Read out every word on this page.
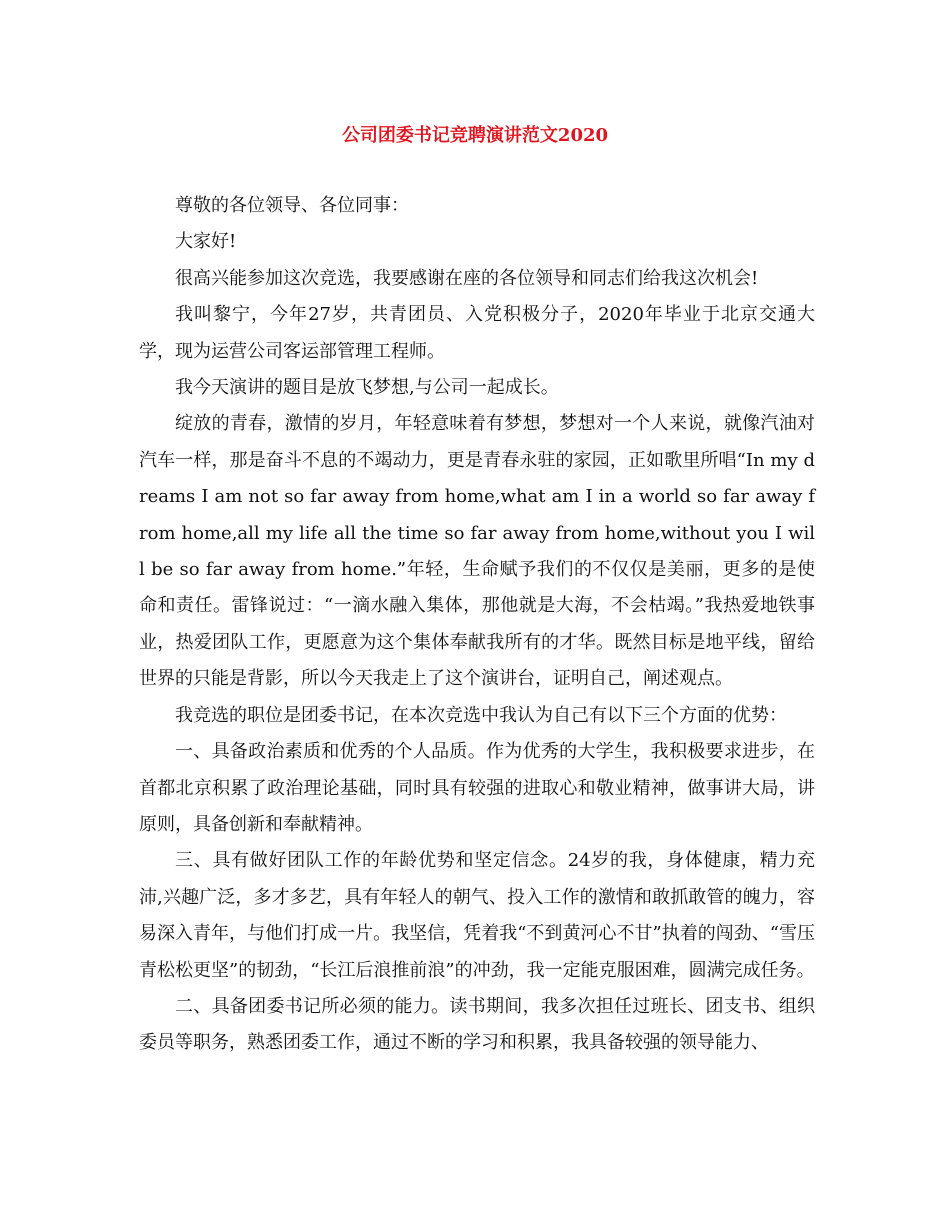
公司团委书记竞聘演讲范文2020

尊敬的各位领导、各位同事：

大家好!

很高兴能参加这次竞选，我要感谢在座的各位领导和同志们给我这次机会!

我叫黎宁，今年27岁，共青团员、入党积极分子，2020年毕业于北京交通大学，现为运营公司客运部管理工程师。

我今天演讲的题目是放飞梦想,与公司一起成长。

绽放的青春，激情的岁月，年轻意味着有梦想，梦想对一个人来说，就像汽油对汽车一样，那是奋斗不息的不竭动力，更是青春永驻的家园，正如歌里所唱“In my dreams I am not so far away from home,what am I in a world so far away from home,all my life all the time so far away from home,without you I will be so far away from home.”年轻，生命赋予我们的不仅仅是美丽，更多的是使命和责任。雷锋说过：“一滴水融入集体，那他就是大海，不会枯竭。”我热爱地铁事业，热爱团队工作，更愿意为这个集体奉献我所有的才华。既然目标是地平线，留给世界的只能是背影，所以今天我走上了这个演讲台，证明自己，阐述观点。

我竞选的职位是团委书记，在本次竞选中我认为自己有以下三个方面的优势：

一、具备政治素质和优秀的个人品质。作为优秀的大学生，我积极要求进步，在首都北京积累了政治理论基础，同时具有较强的进取心和敬业精神，做事讲大局，讲原则，具备创新和奉献精神。

三、具有做好团队工作的年龄优势和坚定信念。24岁的我，身体健康，精力充沛,兴趣广泛，多才多艺，具有年轻人的朝气、投入工作的激情和敢抓敢管的魄力，容易深入青年，与他们打成一片。我坚信，凭着我“不到黄河心不甘”执着的闯劲、“雪压青松松更坚”的韧劲，“长江后浪推前浪”的冲劲，我一定能克服困难，圆满完成任务。

二、具备团委书记所必须的能力。读书期间，我多次担任过班长、团支书、组织委员等职务，熟悉团委工作，通过不断的学习和积累，我具备较强的领导能力、
